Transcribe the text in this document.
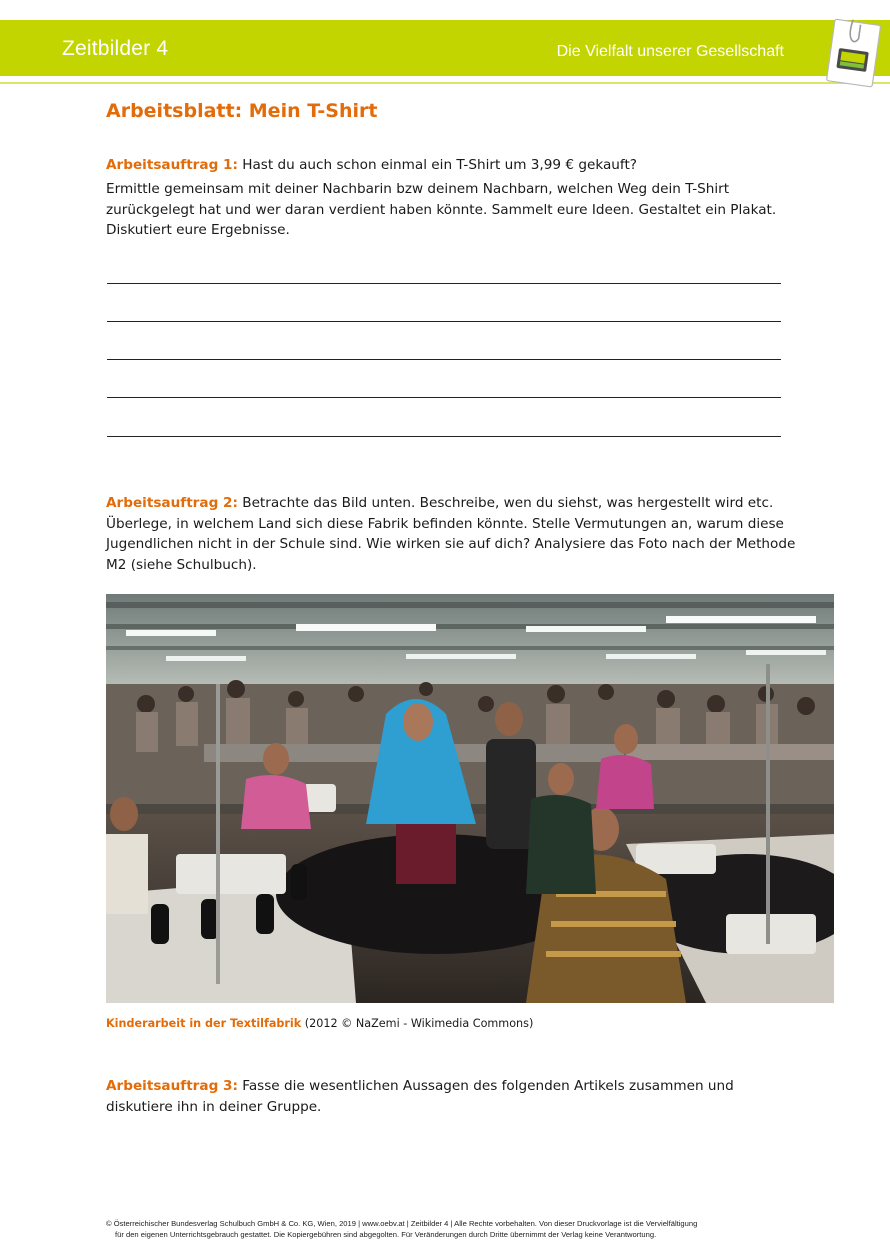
Zeitbilder 4	Die Vielfalt unserer Gesellschaft
Arbeitsblatt: Mein T-Shirt

Arbeitsauftrag 1: Hast du auch schon einmal ein T-Shirt um 3,99 € gekauft?

Ermittle gemeinsam mit deiner Nachbarin bzw deinem Nachbarn, welchen Weg dein T-Shirt zurückgelegt hat und wer daran verdient haben könnte. Sammelt eure Ideen. Gestaltet ein Plakat. Diskutiert eure Ergebnisse.

Arbeitsauftrag 2: Betrachte das Bild unten. Beschreibe, wen du siehst, was hergestellt wird etc. Überlege, in welchem Land sich diese Fabrik befinden könnte. Stelle Vermutungen an, warum diese Jugendlichen nicht in der Schule sind. Wie wirken sie auf dich? Analysiere das Foto nach der Methode M2 (siehe Schulbuch).

Kinderarbeit in der Textilfabrik (2012 © NaZemi - Wikimedia Commons)

Arbeitsauftrag 3: Fasse die wesentlichen Aussagen des folgenden Artikels zusammen und diskutiere ihn in deiner Gruppe.

© Österreichischer Bundesverlag Schulbuch GmbH & Co. KG, Wien, 2019 | www.oebv.at | Zeitbilder 4 | Alle Rechte vorbehalten. Von dieser Druckvorlage ist die Vervielfältigung
für den eigenen Unterrichtsgebrauch gestattet. Die Kopiergebühren sind abgegolten. Für Veränderungen durch Dritte übernimmt der Verlag keine Verantwortung.
